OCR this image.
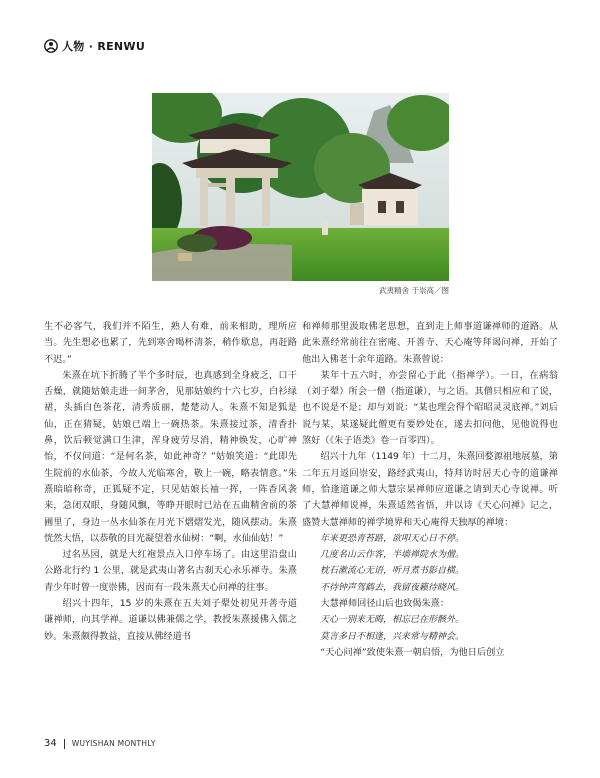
人物 · RENWU
武夷精舍 于崇高／图

生不必客气，我们并不陌生，熟人有难，前来相助，理所应当。先生想必也累了，先到寒舍喝杯清茶，稍作歇息，再赶路不迟。”

朱熹在坑下折腾了半个多时辰，也真感到全身疲乏，口干舌燥，就随姑娘走进一间茅舍，见那姑娘约十六七岁，白衫绿裙，头插白色茶花，清秀质丽，楚楚动人。朱熹不知是狐是仙，正在猜疑，姑娘已端上一碗热茶。朱熹接过茶，清香扑鼻，饮后顿觉满口生津，浑身疲劳尽消，精神焕发，心旷神怡，不仅问道：“是何名茶，如此神奇？”姑娘笑道：“此即先生院前的水仙茶，今故人光临寒舍，敬上一碗，略表情意。”朱熹暗暗称奇，正狐疑不定，只见姑娘长袖一挥，一阵香风袭来，急闭双眼，身随风飘，等睁开眼时已站在五曲精舍前的茶圃里了，身边一丛水仙茶在月光下熠熠发光，随风摆动。朱熹恍然大悟，以恭敬的目光凝望着水仙树：“啊，水仙仙姑！”

过名丛园，就是大红袍景点入口停车场了。由这里沿盘山公路北行约 1 公里，就是武夷山著名古刹天心永乐禅寺。朱熹青少年时曾一度崇佛，因而有一段朱熹天心问禅的往事。

绍兴十四年，15 岁的朱熹在五夫刘子翚处初见开善寺道谦禅师，向其学禅。道谦以佛兼儒之学，教授朱熹援佛入儒之妙。朱熹颇得教益，直接从佛经道书

和禅师那里汲取佛老思想，直到走上师事道谦禅师的道路。从此朱熹经常前往在密庵、开善寺、天心庵等拜谒问禅，开始了他出入佛老十余年道路。朱熹曾说：

某年十五六时，亦尝留心于此（指禅学）。一日，在病翁（刘子翚）所会一僧（指道谦），与之语。其僧只相应和了说，也不说是不是；却与刘说：“某也理会得个昭昭灵灵底禅。”刘后说与某，某遂疑此僧更有要妙处在，遂去扣问他，见他说得也煞好（《朱子语类》卷一百零四）。

绍兴十九年（1149 年）十二月，朱熹回婺源祖地展墓，第二年五月返回崇安，路经武夷山，特拜访时居天心寺的道谦禅师，恰逢道谦之师大慧宗杲禅师应道谦之请到天心寺说禅。听了大慧禅师说禅，朱熹适然省悟，并以诗《天心问禅》记之，盛赞大慧禅师的禅学境界和天心庵得天独厚的禅境：

年来更恐青苔路，欲叩天心日不停。
几度名山云作客，半墙禅院水为僧。
枕石漱流心无语，听月煮书影自横。
不待钟声驾鹤去，我留夜籁待晓风。

大慧禅师回径山后也致偈朱熹：

天心一别来无晦，相忘已在形骸外。
莫言多日不相逢，兴来常与精神会。

“天心问禅”致使朱熹一朝启悟，为他日后创立

34 WUYISHAN MONTHLY
